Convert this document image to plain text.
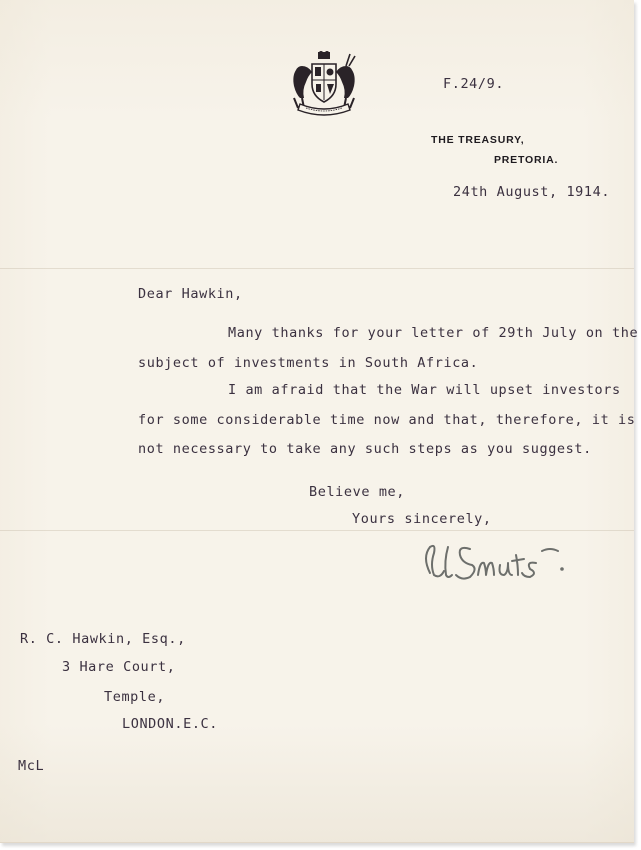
F.24/9.
THE TREASURY,
PRETORIA.
24th August, 1914.
Dear Hawkin,
Many thanks for your letter of 29th July on the
subject of investments in South Africa.
I am afraid that the War will upset investors
for some considerable time now and that, therefore, it is
not necessary to take any such steps as you suggest.
Believe me,
Yours sincerely,
R. C. Hawkin, Esq.,
3 Hare Court,
Temple,
LONDON.E.C.
McL
